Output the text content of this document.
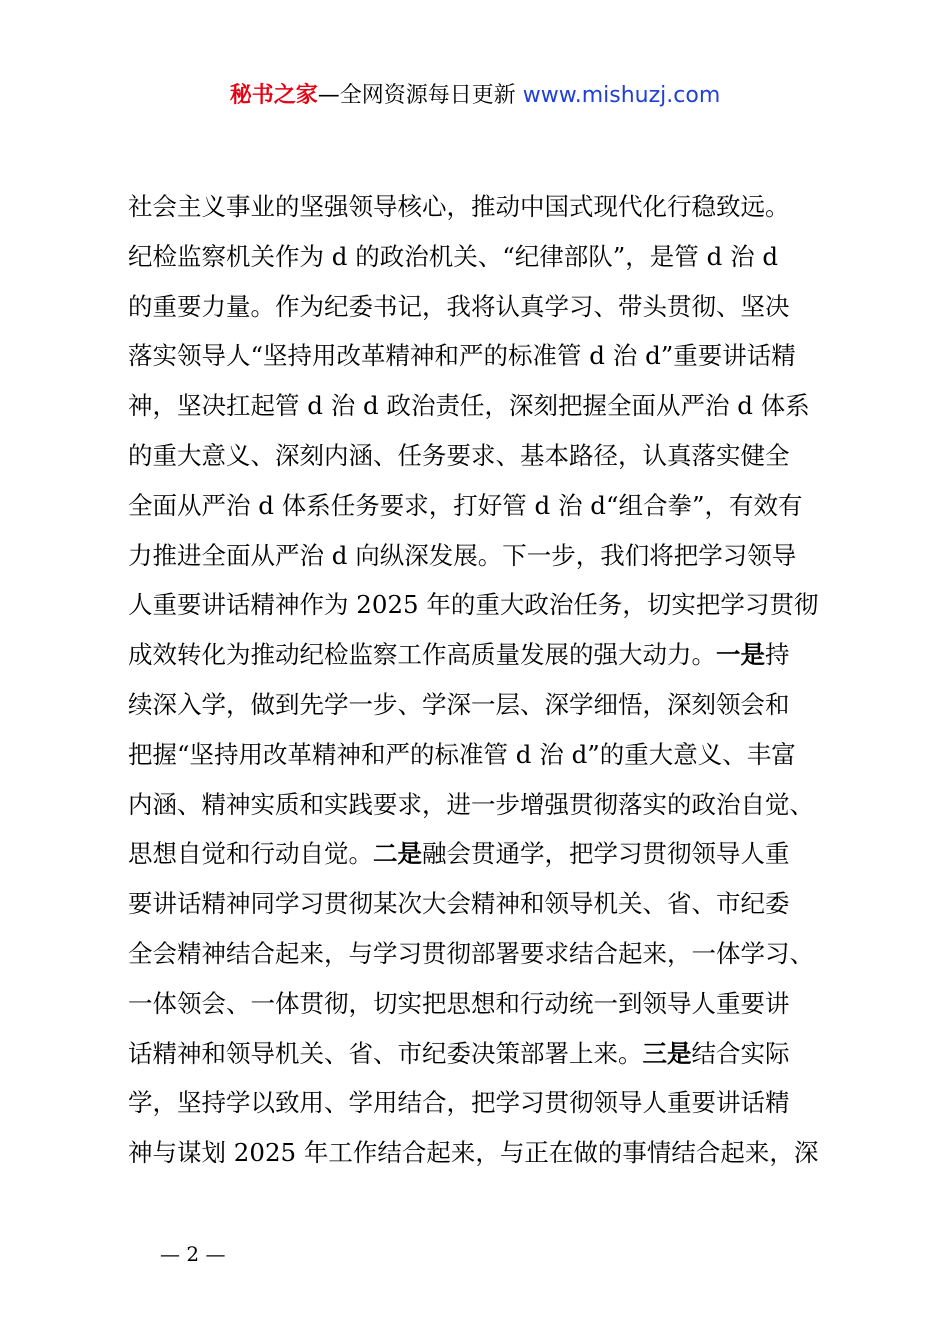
秘书之家—全网资源每日更新 www.mishuzj.com
社会主义事业的坚强领导核心，推动中国式现代化行稳致远。
纪检监察机关作为 d 的政治机关、“纪律部队”，是管 d 治 d
的重要力量。作为纪委书记，我将认真学习、带头贯彻、坚决
落实领导人“坚持用改革精神和严的标准管 d 治 d”重要讲话精
神，坚决扛起管 d 治 d 政治责任，深刻把握全面从严治 d 体系
的重大意义、深刻内涵、任务要求、基本路径，认真落实健全
全面从严治 d 体系任务要求，打好管 d 治 d“组合拳”，有效有
力推进全面从严治 d 向纵深发展。下一步，我们将把学习领导
人重要讲话精神作为 2025 年的重大政治任务，切实把学习贯彻
成效转化为推动纪检监察工作高质量发展的强大动力。一是持
续深入学，做到先学一步、学深一层、深学细悟，深刻领会和
把握“坚持用改革精神和严的标准管 d 治 d”的重大意义、丰富
内涵、精神实质和实践要求，进一步增强贯彻落实的政治自觉、
思想自觉和行动自觉。二是融会贯通学，把学习贯彻领导人重
要讲话精神同学习贯彻某次大会精神和领导机关、省、市纪委
全会精神结合起来，与学习贯彻部署要求结合起来，一体学习、
一体领会、一体贯彻，切实把思想和行动统一到领导人重要讲
话精神和领导机关、省、市纪委决策部署上来。三是结合实际
学，坚持学以致用、学用结合，把学习贯彻领导人重要讲话精
神与谋划 2025 年工作结合起来，与正在做的事情结合起来，深
— 2 —
